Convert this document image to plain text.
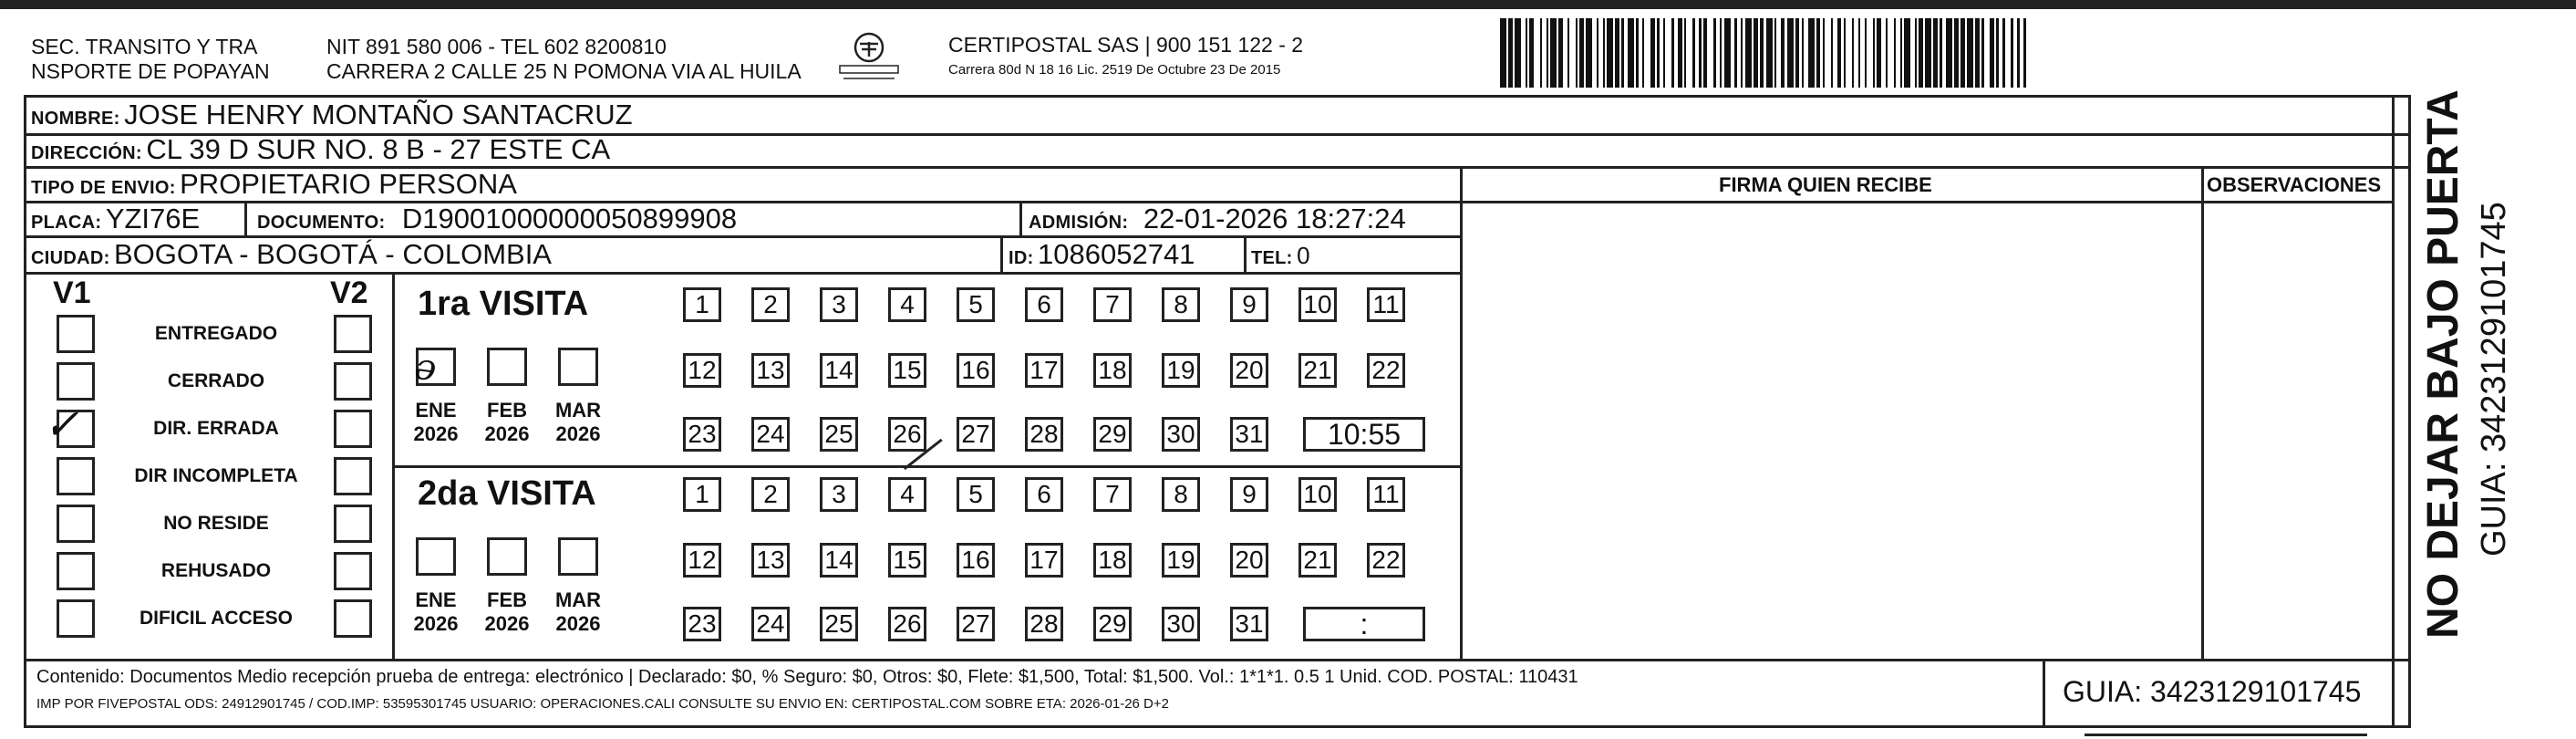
SEC. TRANSITO Y TRA
NSPORTE DE POPAYAN
NIT 891 580 006 - TEL 602 8200810
CARRERA 2 CALLE 25 N POMONA VIA AL HUILA
CERTIPOSTAL SAS | 900 151 122 - 2
Carrera 80d N 18 16 Lic. 2519 De Octubre 23 De 2015
NOMBRE: JOSE HENRY MONTAÑO SANTACRUZ
DIRECCIÓN: CL 39 D SUR NO. 8 B - 27 ESTE CA
TIPO DE ENVIO: PROPIETARIO PERSONA	FIRMA QUIEN RECIBE	OBSERVACIONES
PLACA: YZI76E	DOCUMENTO: D19001000000050899908	ADMISIÓN: 22-01-2026 18:27:24
CIUDAD: BOGOTA - BOGOTÁ - COLOMBIA	ID: 1086052741	TEL: 0
V1	V2
ENTREGADO
CERRADO
DIR. ERRADA
DIR INCOMPLETA
NO RESIDE
REHUSADO
DIFICIL ACCESO
1ra VISITA
2da VISITA
1	2	3	4	5	6	7	8	9	10 11
12 13 14 15 16 17 18 19 20 21 22
23 24 25 26 27 28 29 30 31	10:55
ENE
2026
FEB
2026
MAR
2026
1	2	3	4	5	6	7	8	9	10 11
12 13 14 15 16 17 18 19 20 21 22
23 24 25 26 27 28 29 30 31	:
ENE
2026
FEB
2026
MAR
2026
✓
ə
Contenido: Documentos Medio recepción prueba de entrega: electrónico | Declarado: $0, % Seguro: $0, Otros: $0, Flete: $1,500, Total: $1,500. Vol.: 1*1*1. 0.5 1 Unid. COD. POSTAL: 110431
IMP POR FIVEPOSTAL ODS: 24912901745 / COD.IMP: 53595301745 USUARIO: OPERACIONES.CALI CONSULTE SU ENVIO EN: CERTIPOSTAL.COM SOBRE ETA: 2026-01-26 D+2	GUIA: 3423129101745
NO DEJAR BAJO PUERTA GUIA: 3423129101745
